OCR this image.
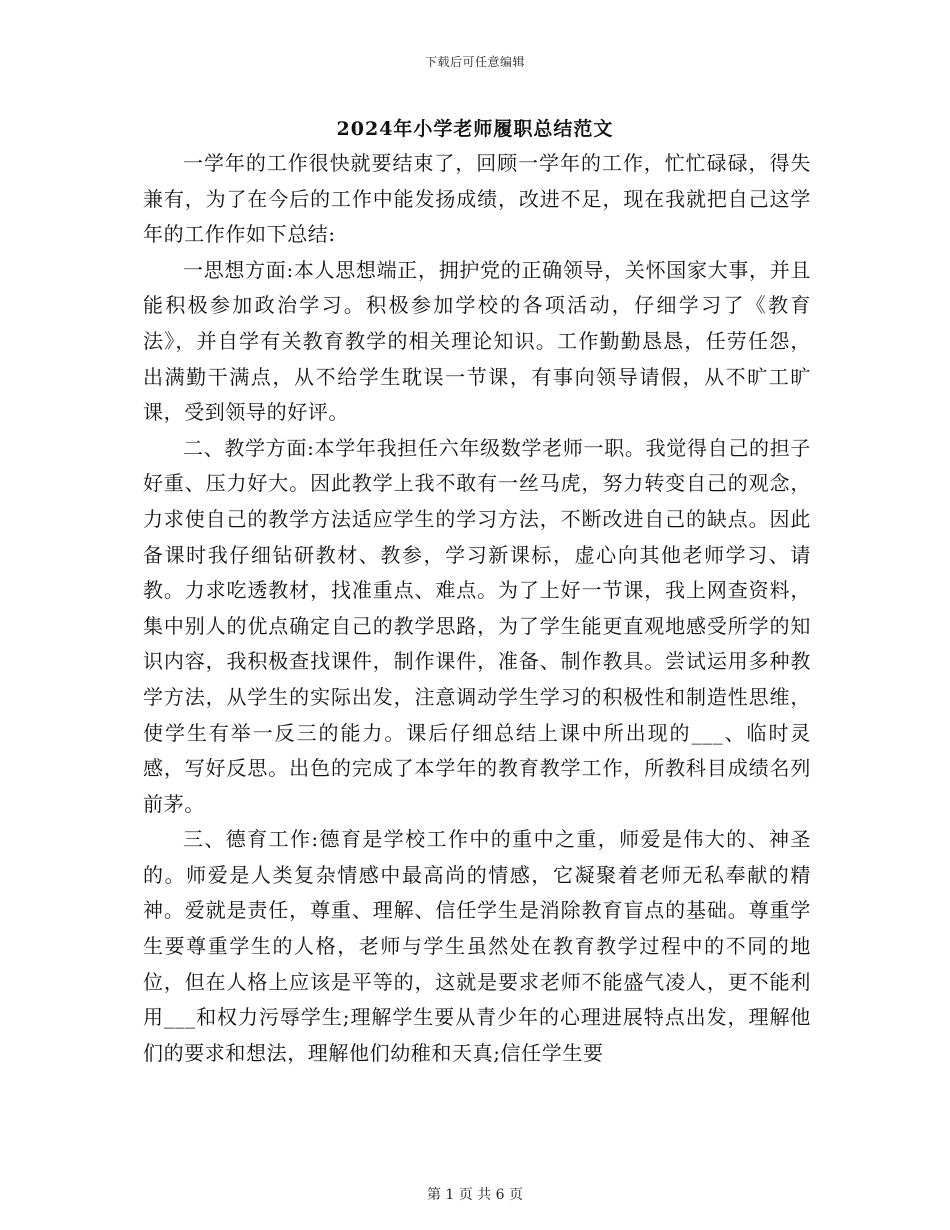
下载后可任意编辑
2024年小学老师履职总结范文

一学年的工作很快就要结束了，回顾一学年的工作，忙忙碌碌，得失兼有，为了在今后的工作中能发扬成绩，改进不足，现在我就把自己这学年的工作作如下总结:

一思想方面:本人思想端正，拥护党的正确领导，关怀国家大事，并且能积极参加政治学习。积极参加学校的各项活动，仔细学习了《教育法》，并自学有关教育教学的相关理论知识。工作勤勤恳恳，任劳任怨，出满勤干满点，从不给学生耽误一节课，有事向领导请假，从不旷工旷课，受到领导的好评。

二、教学方面:本学年我担任六年级数学老师一职。我觉得自己的担子好重、压力好大。因此教学上我不敢有一丝马虎，努力转变自己的观念，力求使自己的教学方法适应学生的学习方法，不断改进自己的缺点。因此备课时我仔细钻研教材、教参，学习新课标，虚心向其他老师学习、请教。力求吃透教材，找准重点、难点。为了上好一节课，我上网查资料，集中别人的优点确定自己的教学思路，为了学生能更直观地感受所学的知识内容，我积极查找课件，制作课件，准备、制作教具。尝试运用多种教学方法，从学生的实际出发，注意调动学生学习的积极性和制造性思维，使学生有举一反三的能力。课后仔细总结上课中所出现的___、临时灵感，写好反思。出色的完成了本学年的教育教学工作，所教科目成绩名列前茅。

三、德育工作:德育是学校工作中的重中之重，师爱是伟大的、神圣的。师爱是人类复杂情感中最高尚的情感，它凝聚着老师无私奉献的精神。爱就是责任，尊重、理解、信任学生是消除教育盲点的基础。尊重学生要尊重学生的人格，老师与学生虽然处在教育教学过程中的不同的地位，但在人格上应该是平等的，这就是要求老师不能盛气凌人，更不能利用___和权力污辱学生;理解学生要从青少年的心理进展特点出发，理解他们的要求和想法，理解他们幼稚和天真;信任学生要

第 1 页 共 6 页
